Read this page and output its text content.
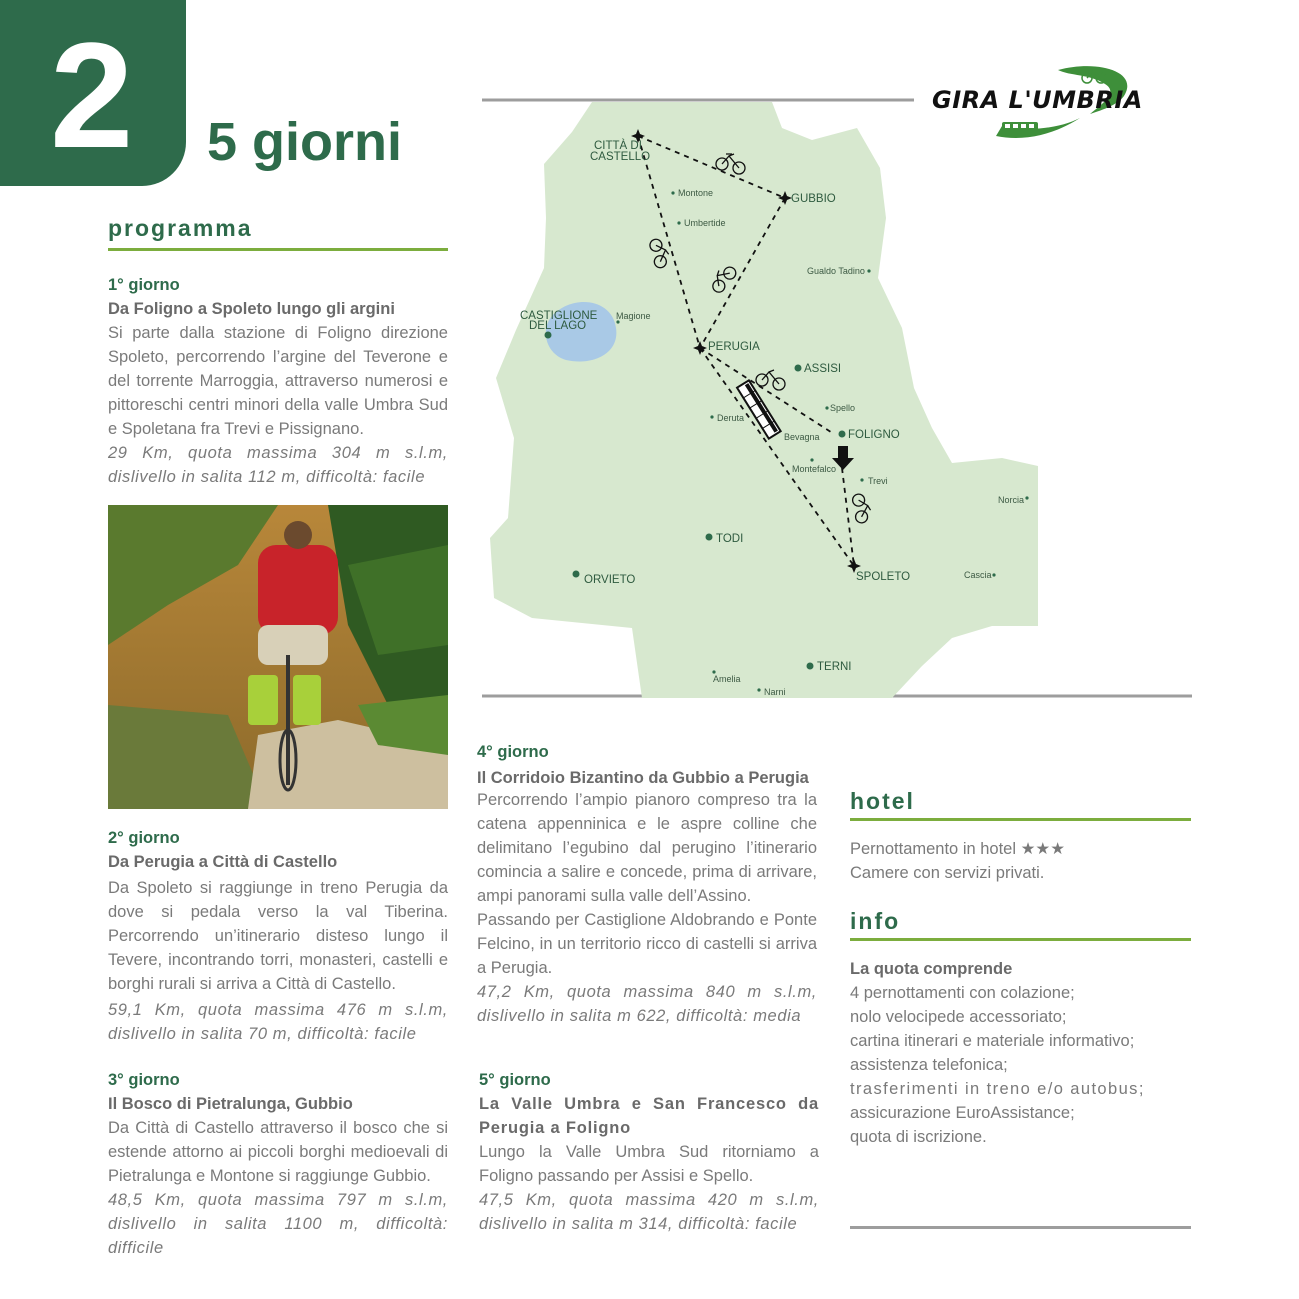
2 5 giorni
GIRA L'UMBRIA
CITTÀ DI
CASTELLO
GUBBIO
CASTIGLIONE
DEL LAGO
PERUGIA
ASSISI
FOLIGNO
TODI
ORVIETO	SPOLETO
TERNI
Montone
Umbertide
Gualdo Tadino
Magione
Spello
Deruta
Bevagna
Montefalco
Trevi
Norcia
Cascia
Amelia
Narni
programma
1° giorno
Da Foligno a Spoleto lungo gli argini
Si parte dalla stazione di Foligno direzione Spoleto, percorrendo l’argine del Teverone e del torrente Marroggia, attraverso numerosi e pittoreschi centri minori della valle Umbra Sud e Spoletana fra Trevi e Pissignano.
29 Km, quota massima 304 m s.l.m, dislivello in salita 112 m, difficoltà: facile
2° giorno
Da Perugia a Città di Castello
Da Spoleto si raggiunge in treno Perugia da dove si pedala verso la val Tiberina. Percorrendo un’itinerario disteso lungo il Tevere, incontrando torri, monasteri, castelli e borghi rurali si arriva a Città di Castello.
59,1 Km, quota massima 476 m s.l.m, dislivello in salita 70 m, difficoltà: facile
3° giorno
Il Bosco di Pietralunga, Gubbio
Da Città di Castello attraverso il bosco che si estende attorno ai piccoli borghi medioevali di Pietralunga e Montone si raggiunge Gubbio.
48,5 Km, quota massima 797 m s.l.m, dislivello in salita 1100 m, difficoltà: difficile
4° giorno
Il Corridoio Bizantino da Gubbio a Perugia
Percorrendo l’ampio pianoro compreso tra la catena appenninica e le aspre colline che delimitano l’egubino dal perugino l’itinerario comincia a salire e concede, prima di arrivare, ampi panorami sulla valle dell’Assino.
Passando per Castiglione Aldobrando e Ponte Felcino, in un territorio ricco di castelli si arriva a Perugia.
47,2 Km, quota massima 840 m s.l.m, dislivello in salita m 622, difficoltà: media
5° giorno
La Valle Umbra e San Francesco da Perugia a Foligno
Lungo la Valle Umbra Sud ritorniamo a Foligno passando per Assisi e Spello.
47,5 Km, quota massima 420 m s.l.m, dislivello in salita m 314, difficoltà: facile
hotel
Pernottamento in hotel ★★★
Camere con servizi privati.
info
La quota comprende
4 pernottamenti con colazione;
nolo velocipede accessoriato;
cartina itinerari e materiale informativo;
assistenza telefonica;
trasferimenti in treno e/o autobus;
assicurazione EuroAssistance;
quota di iscrizione.
